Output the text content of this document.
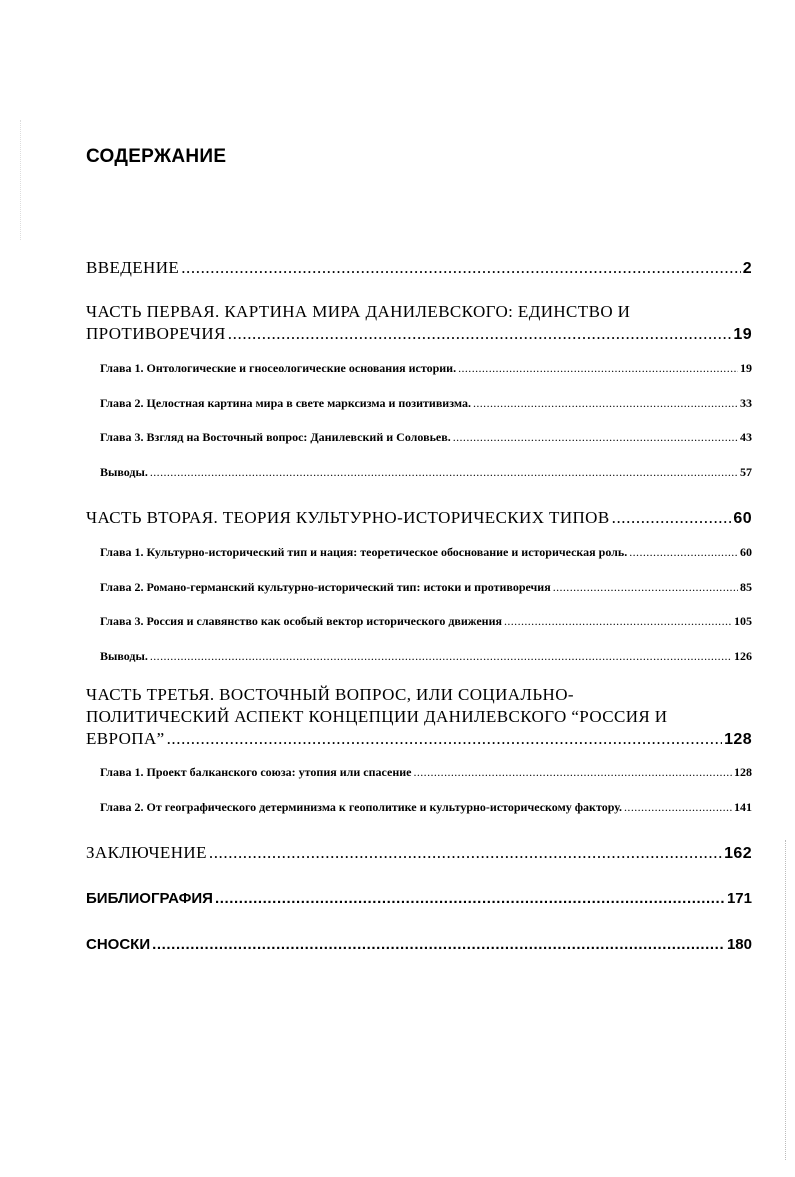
СОДЕРЖАНИЕ
ВВЕДЕНИЕ .....	2
ЧАСТЬ ПЕРВАЯ. КАРТИНА МИРА ДАНИЛЕВСКОГО: ЕДИНСТВО И
ПРОТИВОРЕЧИЯ .....	19
Глава 1. Онтологические и гносеологические основания истории. .....	19
Глава 2. Целостная картина мира в свете марксизма и позитивизма. .....	33
Глава 3. Взгляд на Восточный вопрос: Данилевский и Соловьев. .....	43
Выводы. .....	57
ЧАСТЬ ВТОРАЯ. ТЕОРИЯ КУЛЬТУРНО-ИСТОРИЧЕСКИХ ТИПОВ .....	60
Глава 1. Культурно-исторический тип и нация: теоретическое обоснование и историческая роль. .....	60
Глава 2. Романо-германский культурно-исторический тип: истоки и противоречия .....	85
Глава 3. Россия и славянство как особый вектор исторического движения .....	105
Выводы. .....	126
ЧАСТЬ ТРЕТЬЯ. ВОСТОЧНЫЙ ВОПРОС, ИЛИ СОЦИАЛЬНО-
ПОЛИТИЧЕСКИЙ АСПЕКТ КОНЦЕПЦИИ ДАНИЛЕВСКОГО “РОССИЯ И
ЕВРОПА” .....	128
Глава 1. Проект балканского союза: утопия или спасение .....	128
Глава 2. От географического детерминизма к геополитике и культурно-историческому фактору. .....	141
ЗАКЛЮЧЕНИЕ .....	162
БИБЛИОГРАФИЯ .....	171
СНОСКИ .....	180
